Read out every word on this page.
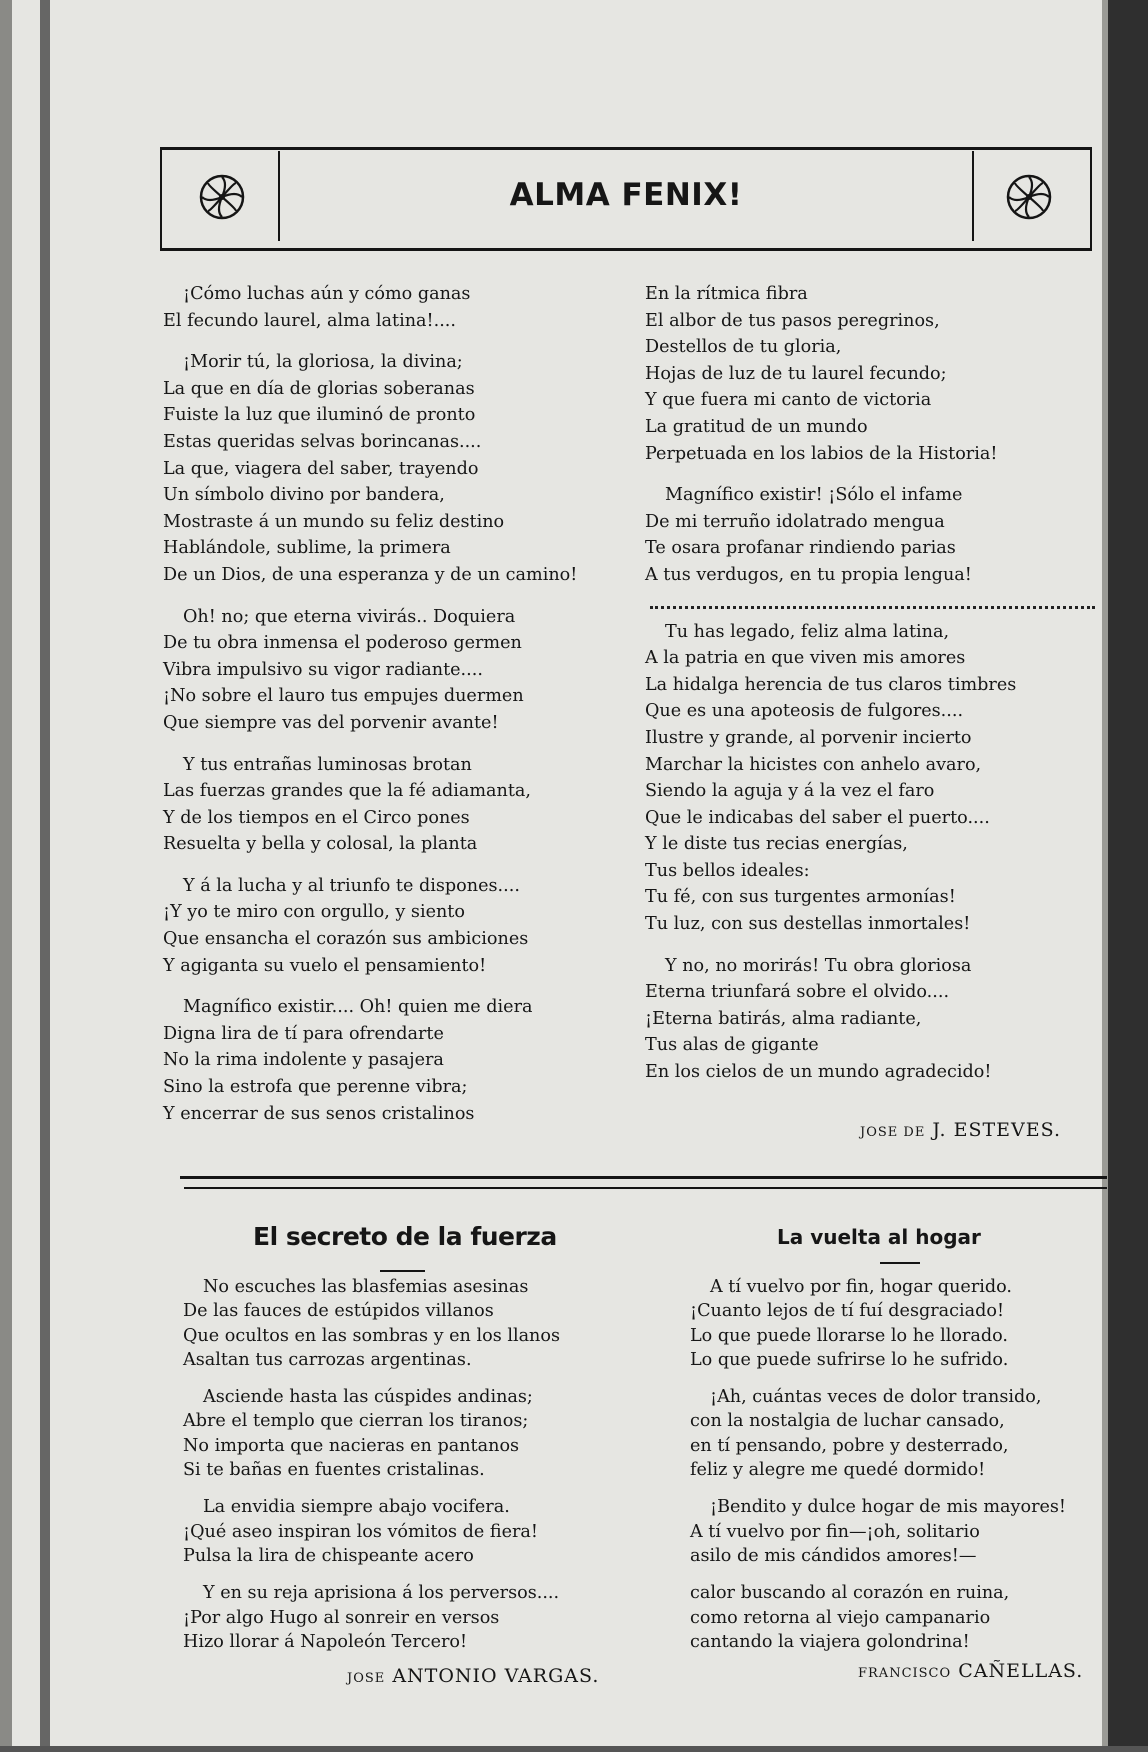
ALMA FENIX!

¡Cómo luchas aún y cómo ganas
El fecundo laurel, alma latina!....

¡Morir tú, la gloriosa, la divina;
La que en día de glorias soberanas
Fuiste la luz que iluminó de pronto
Estas queridas selvas borincanas....
La que, viagera del saber, trayendo
Un símbolo divino por bandera,
Mostraste á un mundo su feliz destino
Hablándole, sublime, la primera
De un Dios, de una esperanza y de un camino!

Oh! no; que eterna vivirás.. Doquiera
De tu obra inmensa el poderoso germen
Vibra impulsivo su vigor radiante....
¡No sobre el lauro tus empujes duermen
Que siempre vas del porvenir avante!

Y tus entrañas luminosas brotan
Las fuerzas grandes que la fé adiamanta,
Y de los tiempos en el Circo pones
Resuelta y bella y colosal, la planta

Y á la lucha y al triunfo te dispones....
¡Y yo te miro con orgullo, y siento
Que ensancha el corazón sus ambiciones
Y agiganta su vuelo el pensamiento!

Magnífico existir.... Oh! quien me diera
Digna lira de tí para ofrendarte
No la rima indolente y pasajera
Sino la estrofa que perenne vibra;
Y encerrar de sus senos cristalinos

En la rítmica fibra
El albor de tus pasos peregrinos,
Destellos de tu gloria,
Hojas de luz de tu laurel fecundo;
Y que fuera mi canto de victoria
La gratitud de un mundo
Perpetuada en los labios de la Historia!

Magnífico existir! ¡Sólo el infame
De mi terruño idolatrado mengua
Te osara profanar rindiendo parias
A tus verdugos, en tu propia lengua!

Tu has legado, feliz alma latina,
A la patria en que viven mis amores
La hidalga herencia de tus claros timbres
Que es una apoteosis de fulgores....
Ilustre y grande, al porvenir incierto
Marchar la hicistes con anhelo avaro,
Siendo la aguja y á la vez el faro
Que le indicabas del saber el puerto....
Y le diste tus recias energías,
Tus bellos ideales:
Tu fé, con sus turgentes armonías!
Tu luz, con sus destellas inmortales!

Y no, no morirás! Tu obra gloriosa
Eterna triunfará sobre el olvido....
¡Eterna batirás, alma radiante,
Tus alas de gigante
En los cielos de un mundo agradecido!

JOSE DE J. ESTEVES.
El secreto de la fuerza

No escuches las blasfemias asesinas
De las fauces de estúpidos villanos
Que ocultos en las sombras y en los llanos
Asaltan tus carrozas argentinas.

Asciende hasta las cúspides andinas;
Abre el templo que cierran los tiranos;
No importa que nacieras en pantanos
Si te bañas en fuentes cristalinas.

La envidia siempre abajo vocifera.
¡Qué aseo inspiran los vómitos de fiera!
Pulsa la lira de chispeante acero

Y en su reja aprisiona á los perversos....
¡Por algo Hugo al sonreir en versos
Hizo llorar á Napoleón Tercero!

JOSE ANTONIO VARGAS.
La vuelta al hogar

A tí vuelvo por fin, hogar querido.
¡Cuanto lejos de tí fuí desgraciado!
Lo que puede llorarse lo he llorado.
Lo que puede sufrirse lo he sufrido.

¡Ah, cuántas veces de dolor transido,
con la nostalgia de luchar cansado,
en tí pensando, pobre y desterrado,
feliz y alegre me quedé dormido!

¡Bendito y dulce hogar de mis mayores!
A tí vuelvo por fin—¡oh, solitario
asilo de mis cándidos amores!—

calor buscando al corazón en ruina,
como retorna al viejo campanario
cantando la viajera golondrina!

FRANCISCO CAÑELLAS.
